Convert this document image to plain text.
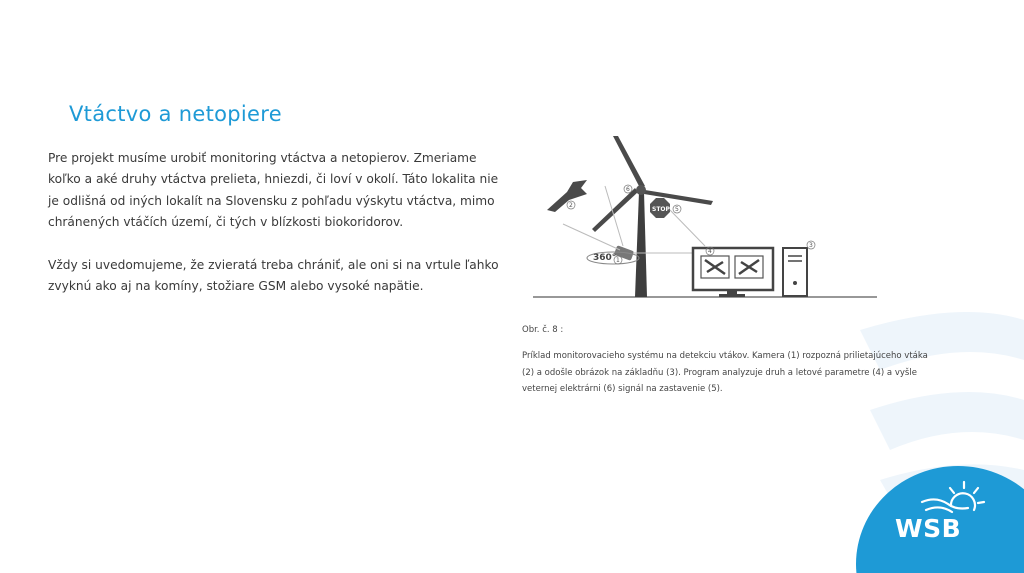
Vtáctvo a netopiere

Pre projekt musíme urobiť monitoring vtáctva a netopierov. Zmeriame koľko a aké druhy vtáctva prelieta, hniezdi, či loví v okolí. Táto lokalita nie je odlišná od iných lokalít na Slovensku z pohľadu výskytu vtáctva, mimo chránených vtáčích území, či tých v blízkosti biokoridorov.

Vždy si uvedomujeme, že zvieratá treba chrániť, ale oni si na vrtule ľahko zvyknú ako aj na komíny, stožiare GSM alebo vysoké napätie.

360°
STOP
1
2
3
4
5
6
Obr. č. 8 :
Príklad monitorovacieho systému na detekciu vtákov. Kamera (1) rozpozná prilietajúceho vtáka (2) a odošle obrázok na základňu (3). Program analyzuje druh a letové parametre (4) a vyšle veternej elektrárni (6) signál na zastavenie (5).
WSB
